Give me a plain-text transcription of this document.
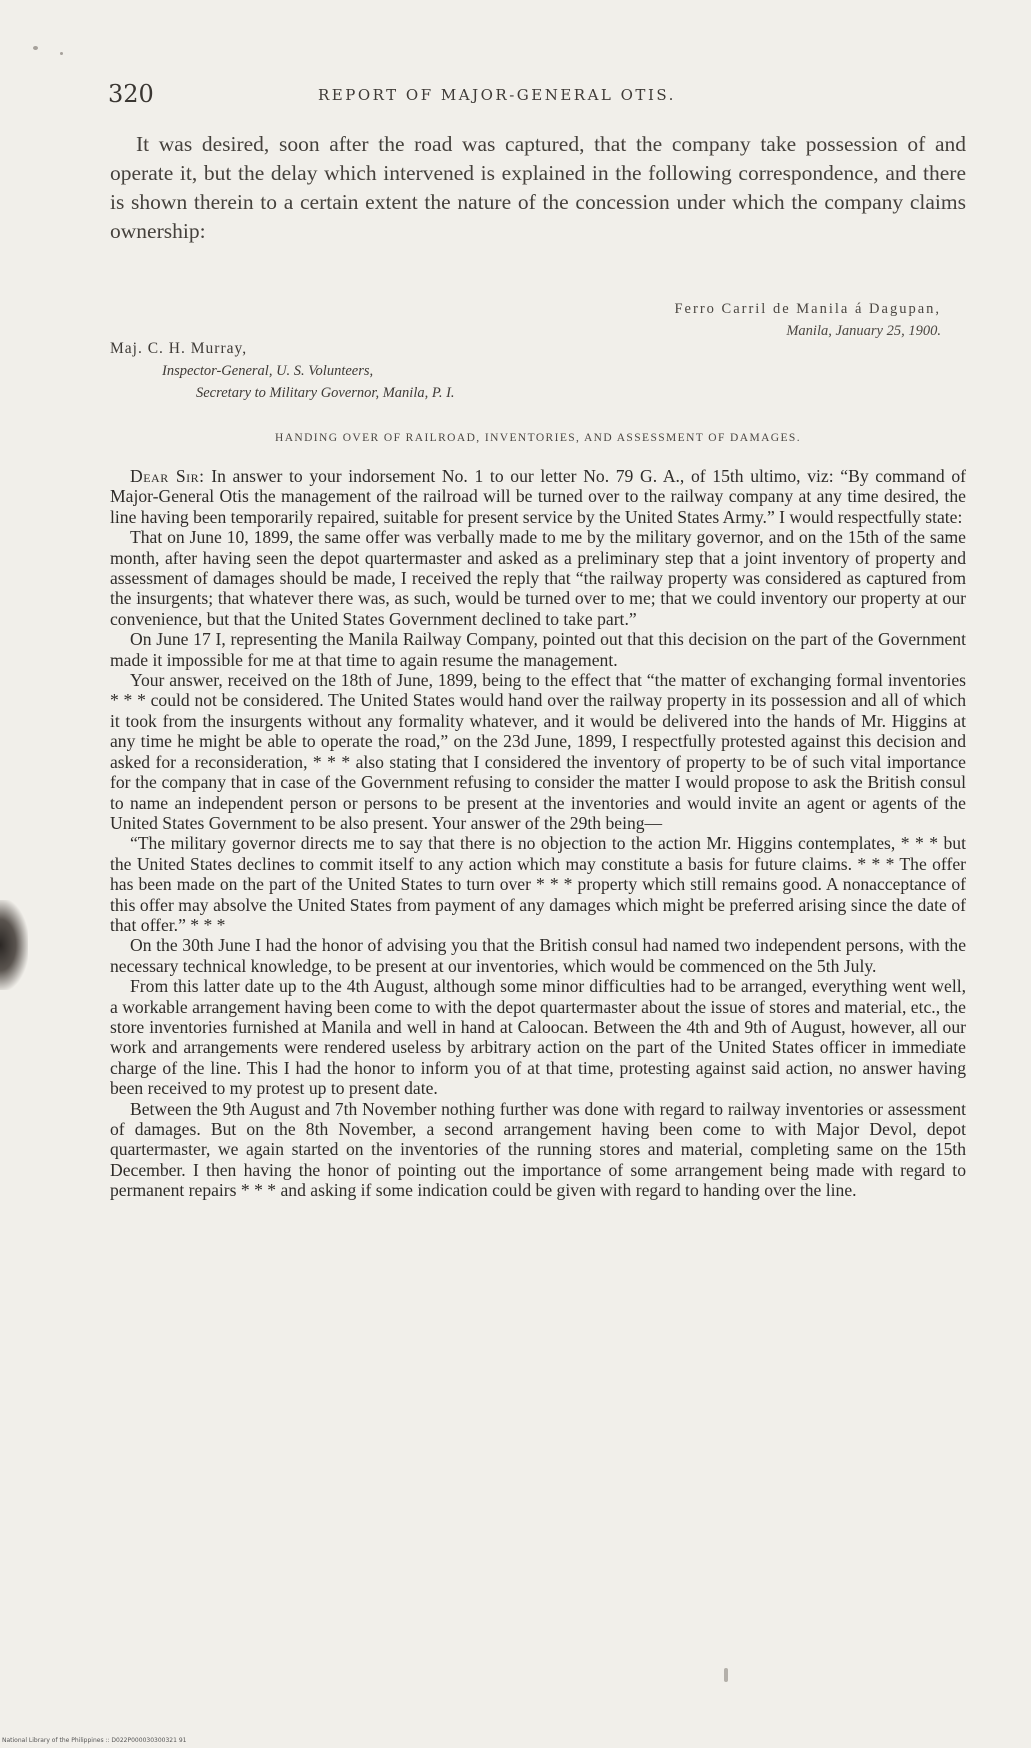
320	REPORT OF MAJOR-GENERAL OTIS.

It was desired, soon after the road was captured, that the company take possession of and operate it, but the delay which intervened is explained in the following correspondence, and there is shown therein to a certain extent the nature of the concession under which the company claims ownership:

Ferro Carril de Manila á Dagupan,
Manila, January 25, 1900.
Maj. C. H. Murray,
Inspector-General, U. S. Volunteers,
Secretary to Military Governor, Manila, P. I.
HANDING OVER OF RAILROAD, INVENTORIES, AND ASSESSMENT OF DAMAGES.

Dear Sir: In answer to your indorsement No. 1 to our letter No. 79 G. A., of 15th ultimo, viz: “By command of Major-General Otis the management of the railroad will be turned over to the railway company at any time desired, the line having been temporarily repaired, suitable for present service by the United States Army.” I would respectfully state:

That on June 10, 1899, the same offer was verbally made to me by the military governor, and on the 15th of the same month, after having seen the depot quartermaster and asked as a preliminary step that a joint inventory of property and assessment of damages should be made, I received the reply that “the railway property was considered as captured from the insurgents; that whatever there was, as such, would be turned over to me; that we could inventory our property at our convenience, but that the United States Government declined to take part.”

On June 17 I, representing the Manila Railway Company, pointed out that this decision on the part of the Government made it impossible for me at that time to again resume the management.

Your answer, received on the 18th of June, 1899, being to the effect that “the matter of exchanging formal inventories * * * could not be considered. The United States would hand over the railway property in its possession and all of which it took from the insurgents without any formality whatever, and it would be delivered into the hands of Mr. Higgins at any time he might be able to operate the road,” on the 23d June, 1899, I respectfully protested against this decision and asked for a reconsideration, * * * also stating that I considered the inventory of property to be of such vital importance for the company that in case of the Government refusing to consider the matter I would propose to ask the British consul to name an independent person or persons to be present at the inventories and would invite an agent or agents of the United States Government to be also present. Your answer of the 29th being—

“The military governor directs me to say that there is no objection to the action Mr. Higgins contemplates, * * * but the United States declines to commit itself to any action which may constitute a basis for future claims. * * * The offer has been made on the part of the United States to turn over * * * property which still remains good. A nonacceptance of this offer may absolve the United States from payment of any damages which might be preferred arising since the date of that offer.” * * *

On the 30th June I had the honor of advising you that the British consul had named two independent persons, with the necessary technical knowledge, to be present at our inventories, which would be commenced on the 5th July.

From this latter date up to the 4th August, although some minor difficulties had to be arranged, everything went well, a workable arrangement having been come to with the depot quartermaster about the issue of stores and material, etc., the store inventories furnished at Manila and well in hand at Caloocan. Between the 4th and 9th of August, however, all our work and arrangements were rendered useless by arbitrary action on the part of the United States officer in immediate charge of the line. This I had the honor to inform you of at that time, protesting against said action, no answer having been received to my protest up to present date.

Between the 9th August and 7th November nothing further was done with regard to railway inventories or assessment of damages. But on the 8th November, a second arrangement having been come to with Major Devol, depot quartermaster, we again started on the inventories of the running stores and material, completing same on the 15th December. I then having the honor of pointing out the importance of some arrangement being made with regard to permanent repairs * * * and asking if some indication could be given with regard to handing over the line.

National Library of the Philippines :: D022P000030300321 91
